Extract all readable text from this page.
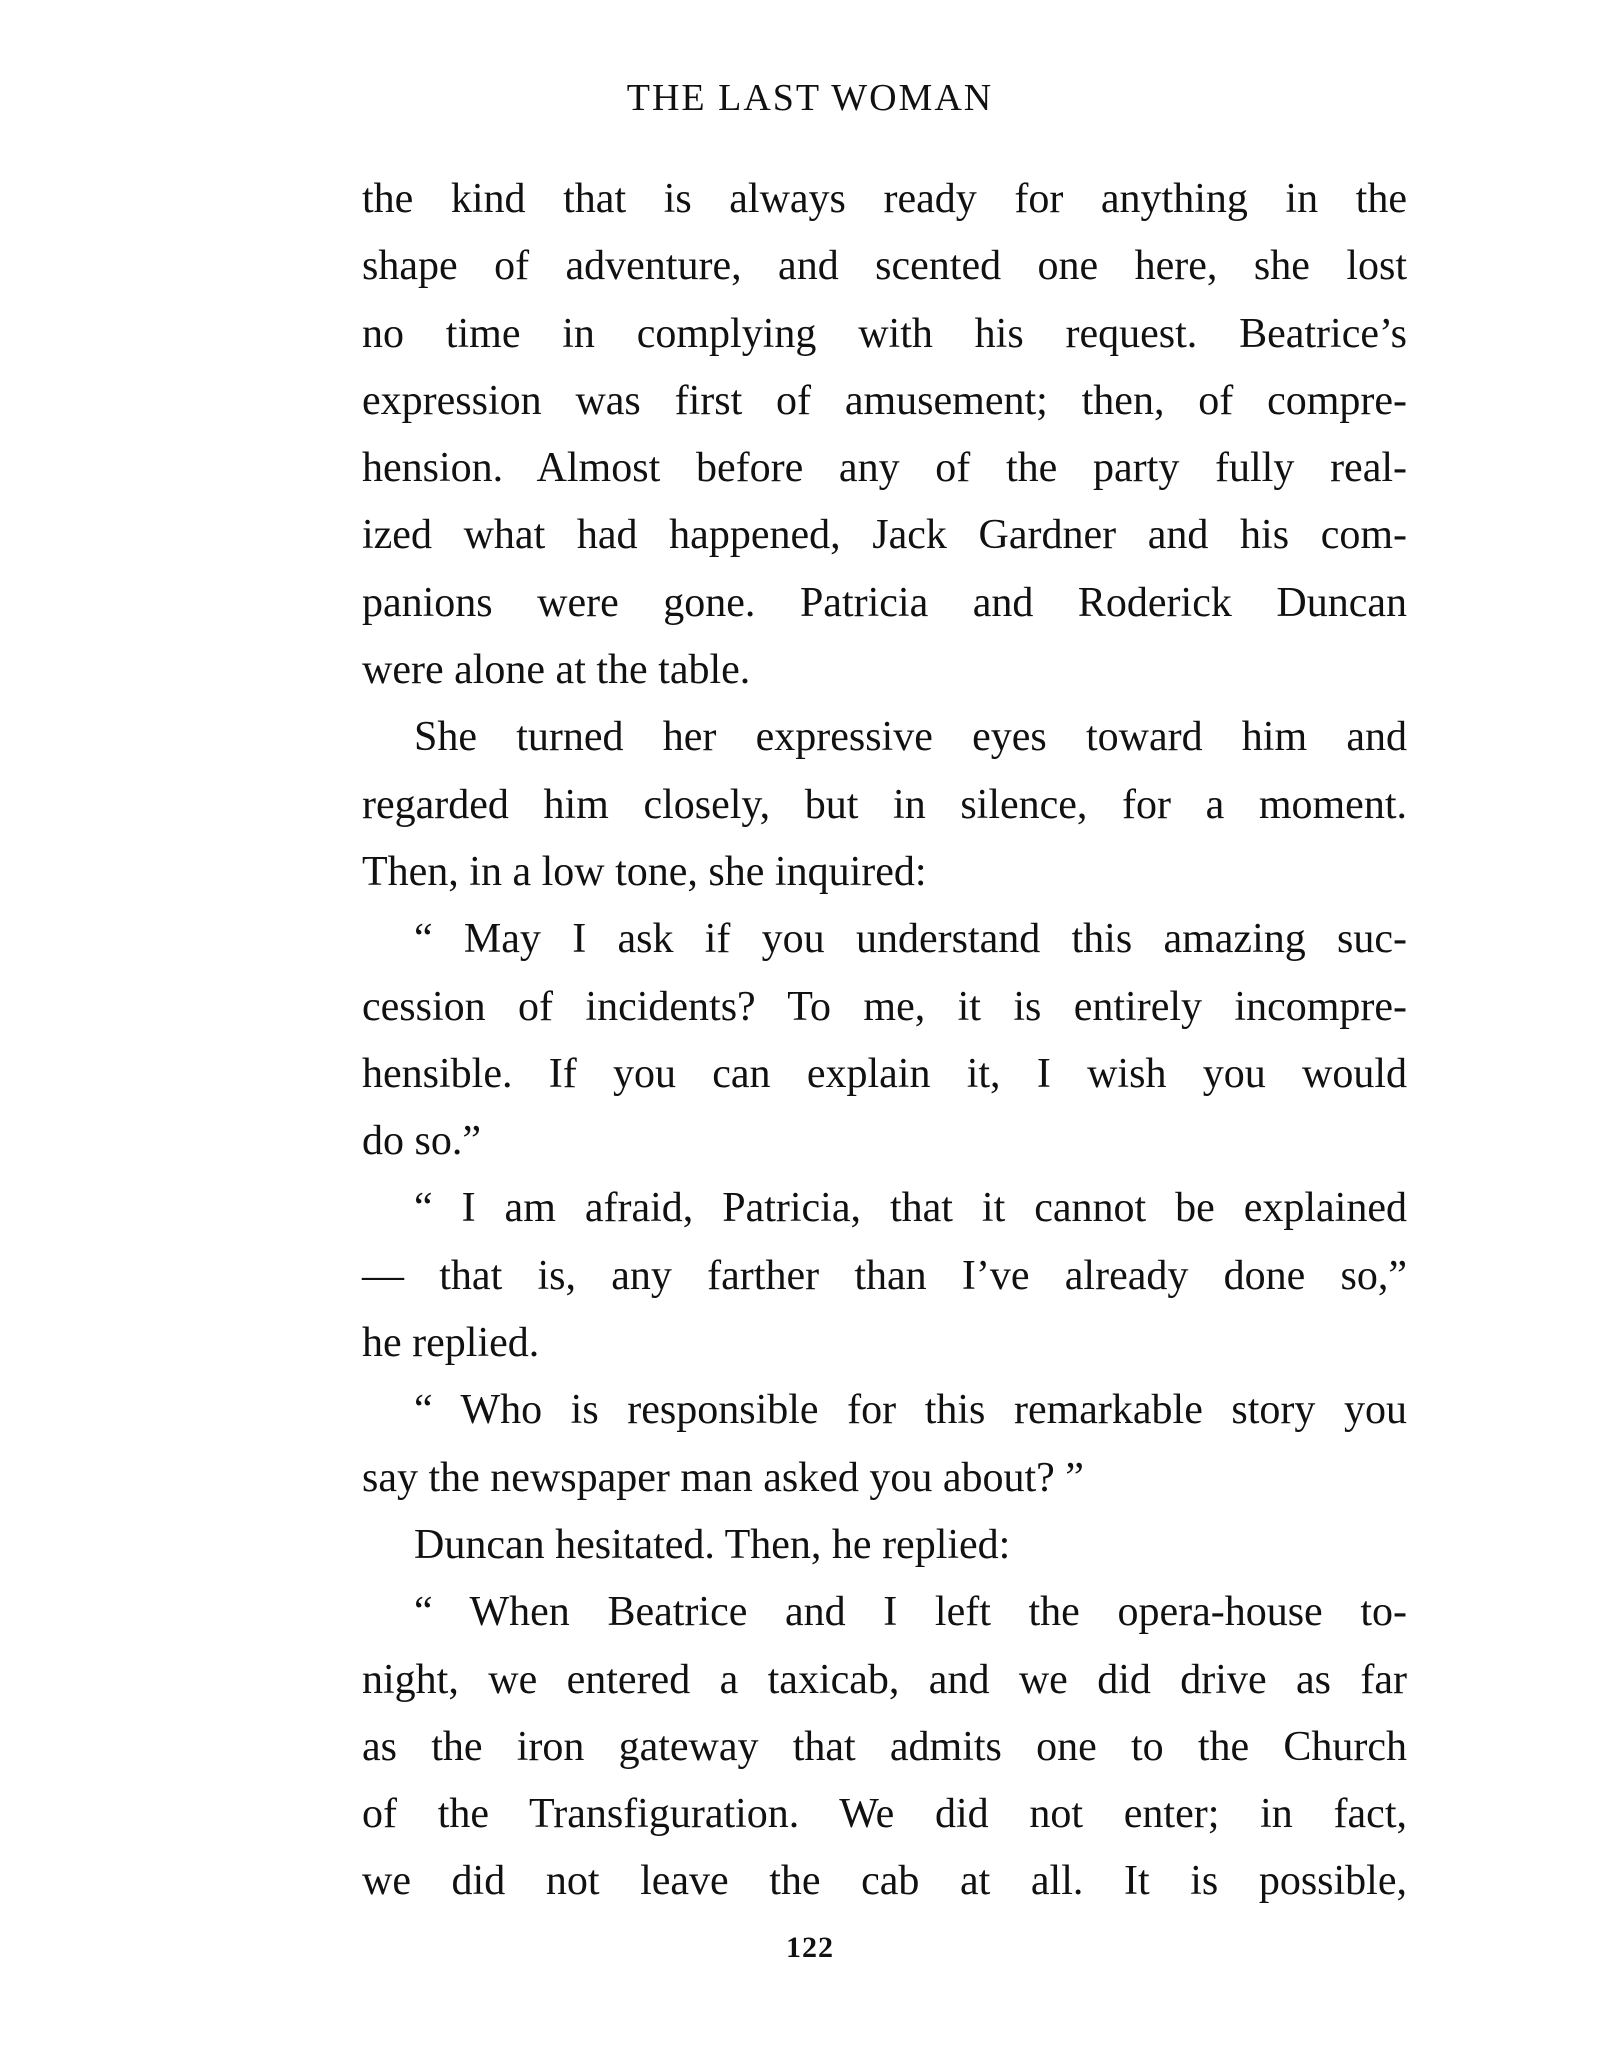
THE LAST WOMAN

the kind that is always ready for anything in the
shape of adventure, and scented one here, she lost
no time in complying with his request. Beatrice’s
expression was first of amusement; then, of compre-
hension. Almost before any of the party fully real-
ized what had happened, Jack Gardner and his com-
panions were gone. Patricia and Roderick Duncan
were alone at the table.

She turned her expressive eyes toward him and
regarded him closely, but in silence, for a moment.
Then, in a low tone, she inquired:

“ May I ask if you understand this amazing suc-
cession of incidents? To me, it is entirely incompre-
hensible. If you can explain it, I wish you would
do so.”

“ I am afraid, Patricia, that it cannot be explained
— that is, any farther than I’ve already done so,”
he replied.

“ Who is responsible for this remarkable story you
say the newspaper man asked you about? ”

Duncan hesitated. Then, he replied:

“ When Beatrice and I left the opera-house to-
night, we entered a taxicab, and we did drive as far
as the iron gateway that admits one to the Church
of the Transfiguration. We did not enter; in fact,
we did not leave the cab at all. It is possible,

122
